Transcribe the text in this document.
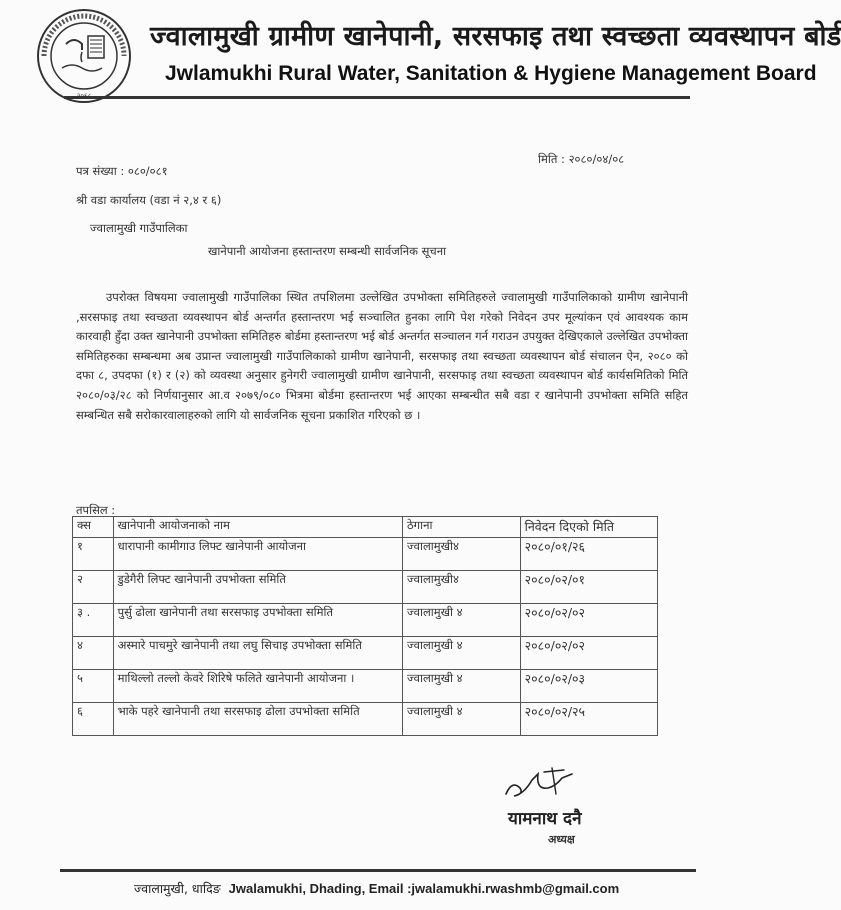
ज्वालामुखी ग्रामीण खानेपानी, सरसफाइ तथा स्वच्छता व्यवस्थापन बोर्ड
Jwlamukhi Rural Water, Sanitation & Hygiene Management Board
पत्र संख्या : ०८०/०८१
मिति : २०८०/०४/०८
श्री वडा कार्यालय (वडा नं २,४ र ६)
ज्वालामुखी गाउँपालिका
खानेपानी आयोजना हस्तान्तरण सम्बन्धी सार्वजनिक सूचना

उपरोक्त विषयमा ज्वालामुखी गाउँपालिका स्थित तपशिलमा उल्लेखित उपभोक्ता समितिहरुले ज्वालामुखी गाउँपालिकाको ग्रामीण खानेपानी ,सरसफाइ तथा स्वच्छता व्यवस्थापन बोर्ड अन्तर्गत हस्तान्तरण भई सञ्चालित हुनका लागि पेश गरेको निवेदन उपर मूल्यांकन एवं आवश्यक काम कारवाही हुँदा उक्त खानेपानी उपभोक्ता समितिहरु बोर्डमा हस्तान्तरण भई बोर्ड अन्तर्गत सञ्चालन गर्न गराउन उपयुक्त देखिएकाले उल्लेखित उपभोक्ता समितिहरुका सम्बन्धमा अब उप्रान्त ज्वालामुखी गाउँपालिकाको ग्रामीण खानेपानी, सरसफाइ तथा स्वच्छता व्यवस्थापन बोर्ड संचालन ऐन, २०८० को दफा ८, उपदफा (१) र (२) को व्यवस्था अनुसार हुनेगरी ज्वालामुखी ग्रामीण खानेपानी, सरसफाइ तथा स्वच्छता व्यवस्थापन बोर्ड कार्यसमितिको मिति २०८०/०३/२८ को निर्णयानुसार आ.व २०७९/०८० भित्रमा बोर्डमा हस्तान्तरण भई आएका सम्बन्धीत सबै वडा र खानेपानी उपभोक्ता समिति सहित सम्बन्धित सबै सरोकारवालाहरुको लागि यो सार्वजनिक सूचना प्रकाशित गरिएको छ ।

तपसिल :
क्स	खानेपानी आयोजनाको नाम	ठेगाना	निवेदन दिएको मिति
१	धारापानी कामीगाउ लिफ्ट खानेपानी आयोजना	ज्वालामुखी४	२०८०/०१/२६
२	डुडेगैरी लिफ्ट खानेपानी उपभोक्ता समिति	ज्वालामुखी४	२०८०/०२/०१
३ .	पुर्सु ढोला खानेपानी तथा सरसफाइ उपभोक्ता समिति	ज्वालामुखी ४	२०८०/०२/०२
४	अस्मारे पाचमुरे खानेपानी तथा लघु सिचाइ उपभोक्ता समिति	ज्वालामुखी ४	२०८०/०२/०२
५	माथिल्लो तल्लो केवरे शिरिषे फलिते खानेपानी आयोजना ।	ज्वालामुखी ४	२०८०/०२/०३
६	भाके पहरे खानेपानी तथा सरसफाइ ढोला उपभोक्ता समिति	ज्वालामुखी ४	२०८०/०२/२५
यामनाथ दनै
अध्यक्ष
ज्वालामुखी, धादिङ Jwalamukhi, Dhading, Email :jwalamukhi.rwashmb@gmail.com
